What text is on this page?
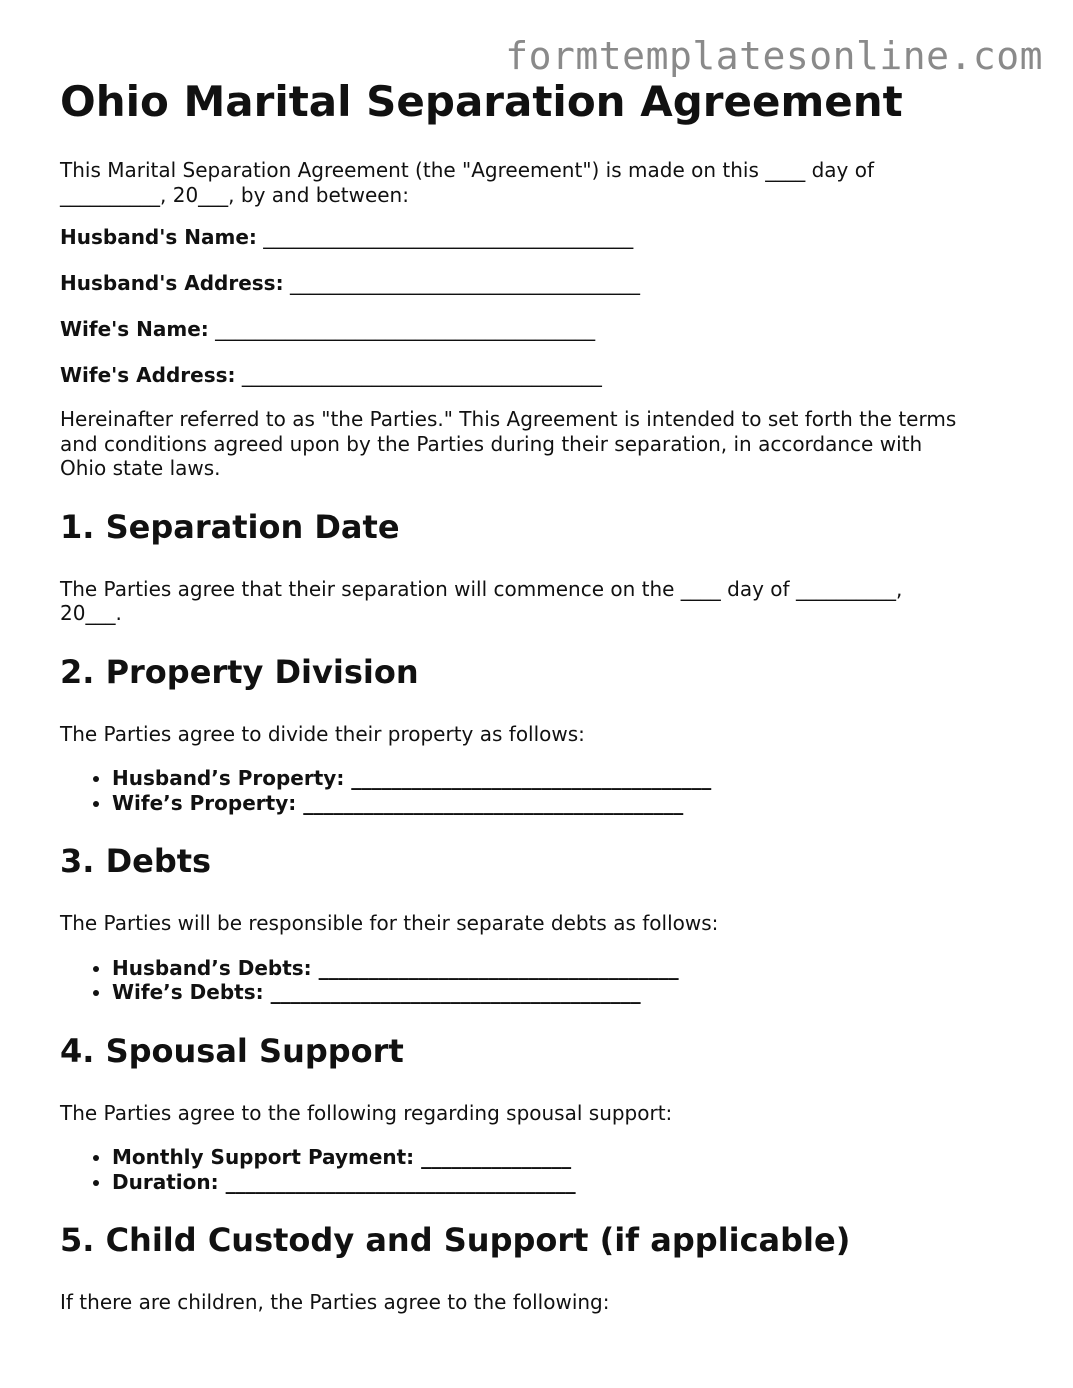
formtemplatesonline.com
Ohio Marital Separation Agreement

This Marital Separation Agreement (the "Agreement") is made on this ____ day of
__________, 20___, by and between:

Husband's Name: _____________________________________
Husband's Address: ___________________________________
Wife's Name: ______________________________________
Wife's Address: ____________________________________

Hereinafter referred to as "the Parties." This Agreement is intended to set forth the terms
and conditions agreed upon by the Parties during their separation, in accordance with
Ohio state laws.

1. Separation Date

The Parties agree that their separation will commence on the ____ day of __________,
20___.

2. Property Division

The Parties agree to divide their property as follows:

• Husband’s Property: ____________________________________
• Wife’s Property: ______________________________________
3. Debts

The Parties will be responsible for their separate debts as follows:

• Husband’s Debts: ____________________________________
• Wife’s Debts: _____________________________________
4. Spousal Support

The Parties agree to the following regarding spousal support:

• Monthly Support Payment: _______________
• Duration: ___________________________________
5. Child Custody and Support (if applicable)

If there are children, the Parties agree to the following:
